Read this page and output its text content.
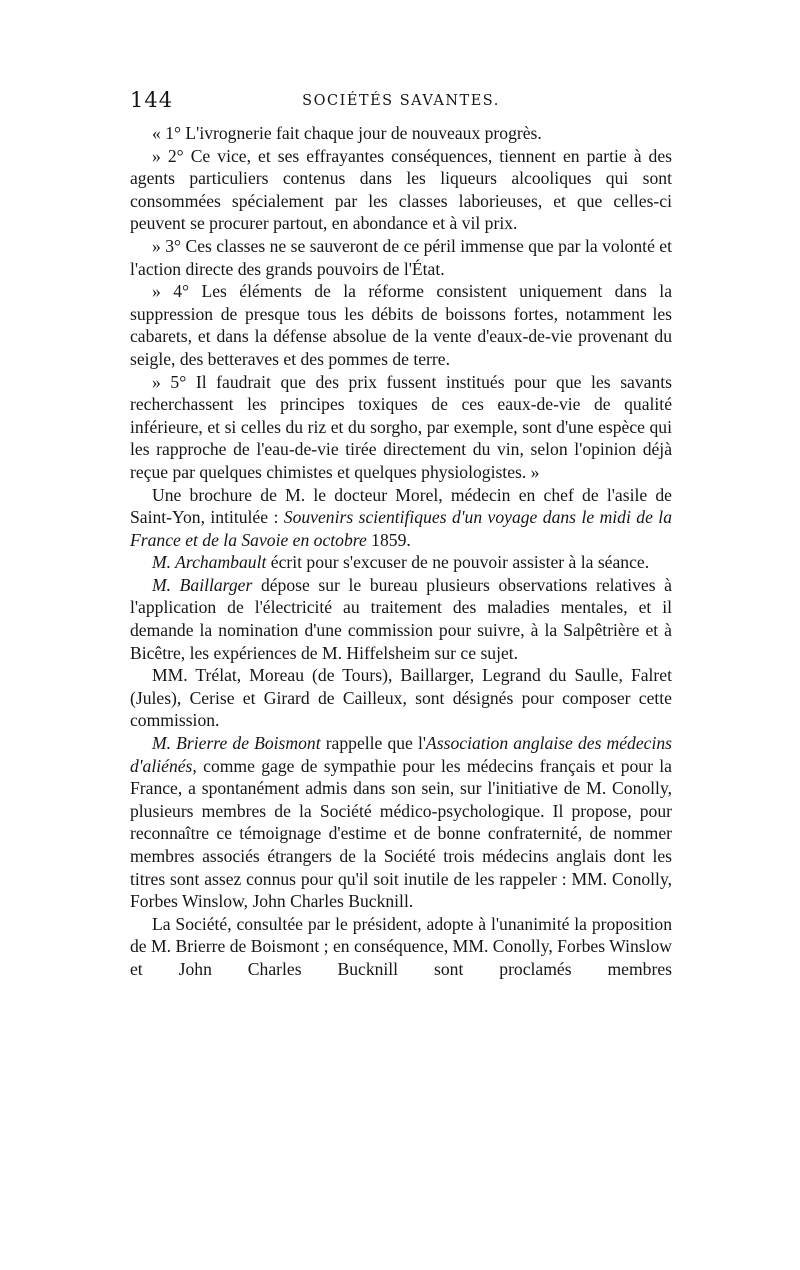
144	SOCIÉTÉS SAVANTES.

« 1° L'ivrognerie fait chaque jour de nouveaux progrès.

» 2° Ce vice, et ses effrayantes conséquences, tiennent en partie à des agents particuliers contenus dans les liqueurs alcooliques qui sont consommées spécialement par les classes laborieuses, et que celles-ci peuvent se procurer partout, en abondance et à vil prix.

» 3° Ces classes ne se sauveront de ce péril immense que par la volonté et l'action directe des grands pouvoirs de l'État.

» 4° Les éléments de la réforme consistent uniquement dans la suppression de presque tous les débits de boissons fortes, notamment les cabarets, et dans la défense absolue de la vente d'eaux-de-vie provenant du seigle, des betteraves et des pommes de terre.

» 5° Il faudrait que des prix fussent institués pour que les savants recherchassent les principes toxiques de ces eaux-de-vie de qualité inférieure, et si celles du riz et du sorgho, par exemple, sont d'une espèce qui les rapproche de l'eau-de-vie tirée directement du vin, selon l'opinion déjà reçue par quelques chimistes et quelques physiologistes. »

Une brochure de M. le docteur Morel, médecin en chef de l'asile de Saint-Yon, intitulée : Souvenirs scientifiques d'un voyage dans le midi de la France et de la Savoie en octobre 1859.

M. Archambault écrit pour s'excuser de ne pouvoir assister à la séance.

M. Baillarger dépose sur le bureau plusieurs observations relatives à l'application de l'électricité au traitement des maladies mentales, et il demande la nomination d'une commission pour suivre, à la Salpêtrière et à Bicêtre, les expériences de M. Hiffelsheim sur ce sujet.

MM. Trélat, Moreau (de Tours), Baillarger, Legrand du Saulle, Falret (Jules), Cerise et Girard de Cailleux, sont désignés pour composer cette commission.

M. Brierre de Boismont rappelle que l'Association anglaise des médecins d'aliénés, comme gage de sympathie pour les médecins français et pour la France, a spontanément admis dans son sein, sur l'initiative de M. Conolly, plusieurs membres de la Société médico-psychologique. Il propose, pour reconnaître ce témoignage d'estime et de bonne confraternité, de nommer membres associés étrangers de la Société trois médecins anglais dont les titres sont assez connus pour qu'il soit inutile de les rappeler : MM. Conolly, Forbes Winslow, John Charles Bucknill.

La Société, consultée par le président, adopte à l'unanimité la proposition de M. Brierre de Boismont ; en conséquence, MM. Conolly, Forbes Winslow et John Charles Bucknill sont proclamés membres
